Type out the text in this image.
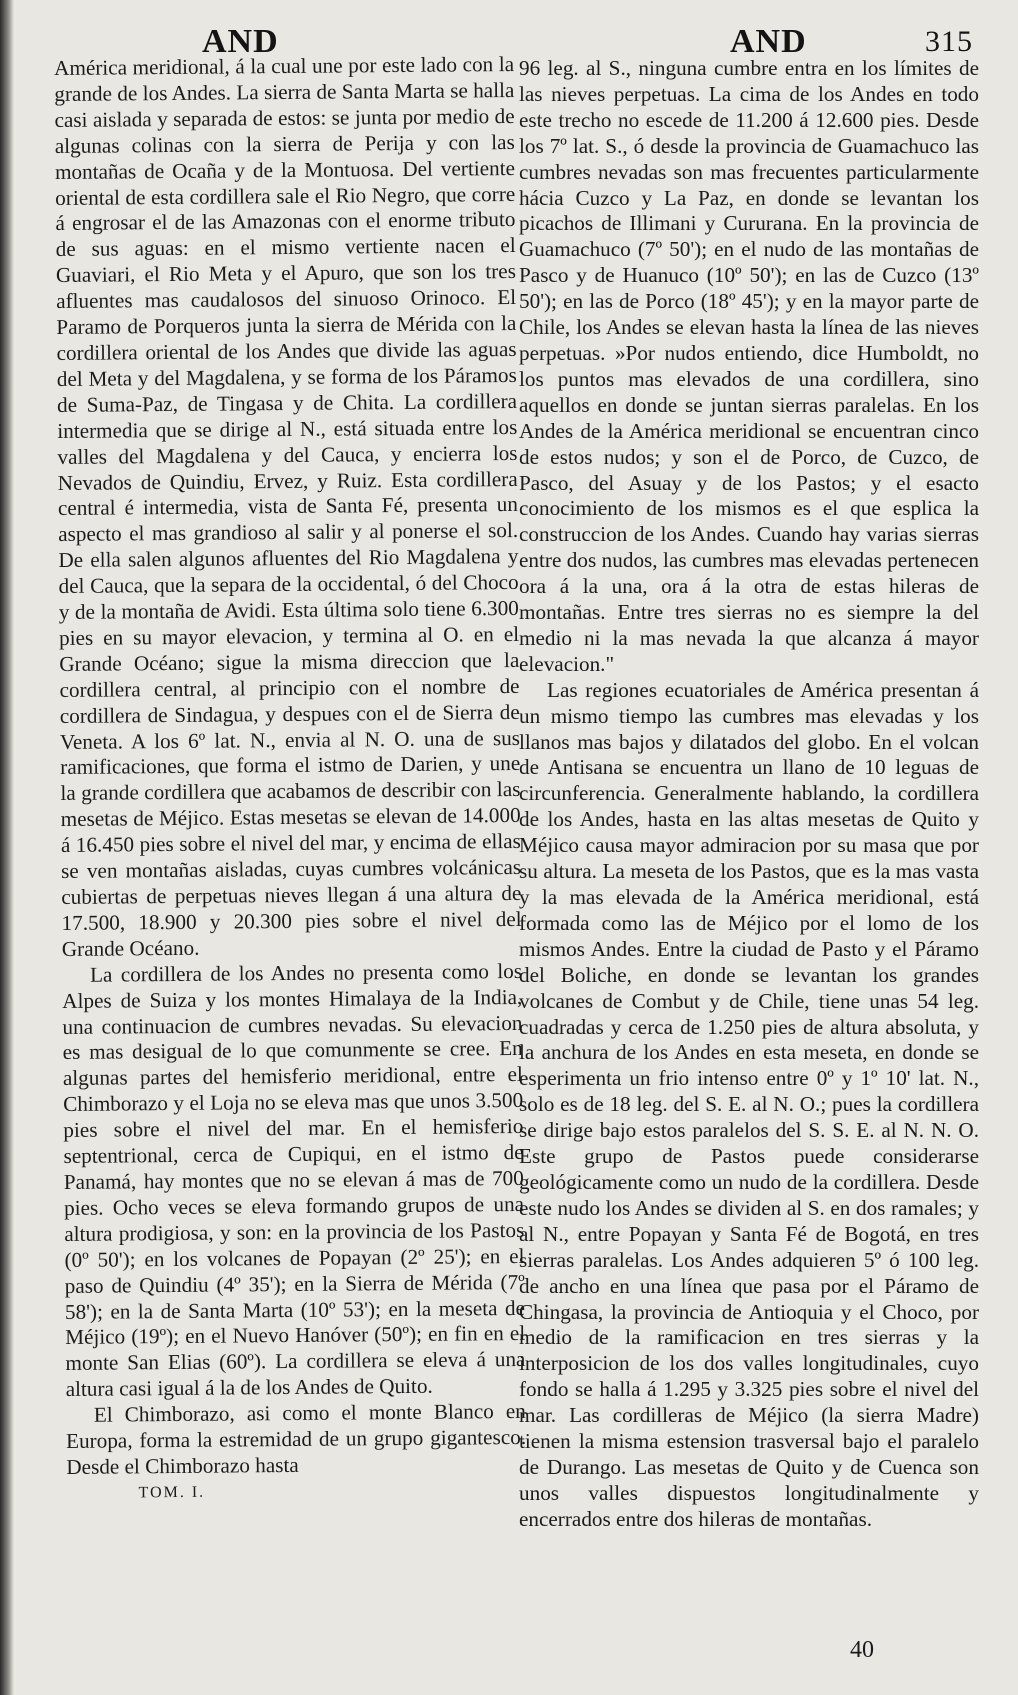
AND	AND	315

América meridional, á la cual une por este lado con la grande de los Andes. La sierra de Santa Marta se halla casi aislada y separada de estos: se junta por medio de algunas colinas con la sierra de Perija y con las montañas de Ocaña y de la Montuosa. Del vertiente oriental de esta cordillera sale el Rio Negro, que corre á engrosar el de las Amazonas con el enorme tributo de sus aguas: en el mismo vertiente nacen el Guaviari, el Rio Meta y el Apuro, que son los tres afluentes mas caudalosos del sinuoso Orinoco. El Paramo de Porqueros junta la sierra de Mérida con la cordillera oriental de los Andes que divide las aguas del Meta y del Magdalena, y se forma de los Páramos de Suma-Paz, de Tingasa y de Chita. La cordillera intermedia que se dirige al N., está situada entre los valles del Magdalena y del Cauca, y encierra los Nevados de Quindiu, Ervez, y Ruiz. Esta cordillera central é intermedia, vista de Santa Fé, presenta un aspecto el mas grandioso al salir y al ponerse el sol. De ella salen algunos afluentes del Rio Magdalena y del Cauca, que la separa de la occidental, ó del Choco y de la montaña de Avidi. Esta última solo tiene 6.300 pies en su mayor elevacion, y termina al O. en el Grande Océano; sigue la misma direccion que la cordillera central, al principio con el nombre de cordillera de Sindagua, y despues con el de Sierra de Veneta. A los 6º lat. N., envia al N. O. una de sus ramificaciones, que forma el istmo de Darien, y une la grande cordillera que acabamos de describir con las mesetas de Méjico. Estas mesetas se elevan de 14.000 á 16.450 pies sobre el nivel del mar, y encima de ellas se ven montañas aisladas, cuyas cumbres volcánicas cubiertas de perpetuas nieves llegan á una altura de 17.500, 18.900 y 20.300 pies sobre el nivel del Grande Océano.

La cordillera de los Andes no presenta como los Alpes de Suiza y los montes Himalaya de la India, una continuacion de cumbres nevadas. Su elevacion es mas desigual de lo que comunmente se cree. En algunas partes del hemisferio meridional, entre el Chimborazo y el Loja no se eleva mas que unos 3.500 pies sobre el nivel del mar. En el hemisferio septentrional, cerca de Cupiqui, en el istmo de Panamá, hay montes que no se elevan á mas de 700 pies. Ocho veces se eleva formando grupos de una altura prodigiosa, y son: en la provincia de los Pastos (0º 50'); en los volcanes de Popayan (2º 25'); en el paso de Quindiu (4º 35'); en la Sierra de Mérida (7º 58'); en la de Santa Marta (10º 53'); en la meseta de Méjico (19º); en el Nuevo Hanóver (50º); en fin en el monte San Elias (60º). La cordillera se eleva á una altura casi igual á la de los Andes de Quito.

El Chimborazo, asi como el monte Blanco en Europa, forma la estremidad de un grupo gigantesco. Desde el Chimborazo hasta

TOM. I.

96 leg. al S., ninguna cumbre entra en los límites de las nieves perpetuas. La cima de los Andes en todo este trecho no escede de 11.200 á 12.600 pies. Desde los 7º lat. S., ó desde la provincia de Guamachuco las cumbres nevadas son mas frecuentes particularmente hácia Cuzco y La Paz, en donde se levantan los picachos de Illimani y Cururana. En la provincia de Guamachuco (7º 50'); en el nudo de las montañas de Pasco y de Huanuco (10º 50'); en las de Cuzco (13º 50'); en las de Porco (18º 45'); y en la mayor parte de Chile, los Andes se elevan hasta la línea de las nieves perpetuas. »Por nudos entiendo, dice Humboldt, no los puntos mas elevados de una cordillera, sino aquellos en donde se juntan sierras paralelas. En los Andes de la América meridional se encuentran cinco de estos nudos; y son el de Porco, de Cuzco, de Pasco, del Asuay y de los Pastos; y el esacto conocimiento de los mismos es el que esplica la construccion de los Andes. Cuando hay varias sierras entre dos nudos, las cumbres mas elevadas pertenecen ora á la una, ora á la otra de estas hileras de montañas. Entre tres sierras no es siempre la del medio ni la mas nevada la que alcanza á mayor elevacion."

Las regiones ecuatoriales de América presentan á un mismo tiempo las cumbres mas elevadas y los llanos mas bajos y dilatados del globo. En el volcan de Antisana se encuentra un llano de 10 leguas de circunferencia. Generalmente hablando, la cordillera de los Andes, hasta en las altas mesetas de Quito y Méjico causa mayor admiracion por su masa que por su altura. La meseta de los Pastos, que es la mas vasta y la mas elevada de la América meridional, está formada como las de Méjico por el lomo de los mismos Andes. Entre la ciudad de Pasto y el Páramo del Boliche, en donde se levantan los grandes volcanes de Combut y de Chile, tiene unas 54 leg. cuadradas y cerca de 1.250 pies de altura absoluta, y la anchura de los Andes en esta meseta, en donde se esperimenta un frio intenso entre 0º y 1º 10' lat. N., solo es de 18 leg. del S. E. al N. O.; pues la cordillera se dirige bajo estos paralelos del S. S. E. al N. N. O. Este grupo de Pastos puede considerarse geológicamente como un nudo de la cordillera. Desde este nudo los Andes se dividen al S. en dos ramales; y al N., entre Popayan y Santa Fé de Bogotá, en tres sierras paralelas. Los Andes adquieren 5º ó 100 leg. de ancho en una línea que pasa por el Páramo de Chingasa, la provincia de Antioquia y el Choco, por medio de la ramificacion en tres sierras y la interposicion de los dos valles longitudinales, cuyo fondo se halla á 1.295 y 3.325 pies sobre el nivel del mar. Las cordilleras de Méjico (la sierra Madre) tienen la misma estension trasversal bajo el paralelo de Durango. Las mesetas de Quito y de Cuenca son unos valles dispuestos longitudinalmente y encerrados entre dos hileras de montañas.

40
